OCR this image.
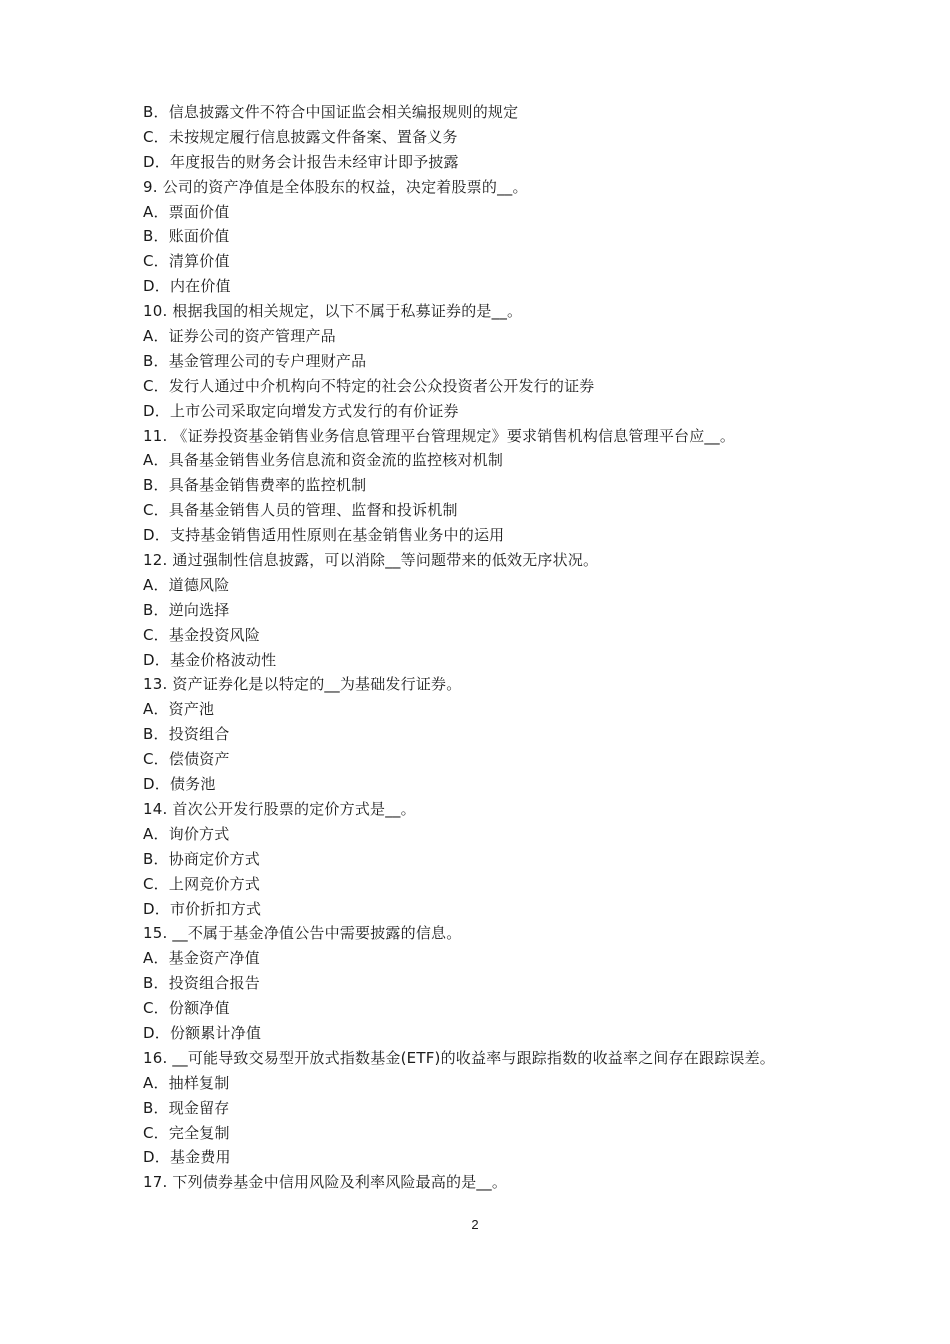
B．信息披露文件不符合中国证监会相关编报规则的规定
C．未按规定履行信息披露文件备案、置备义务
D．年度报告的财务会计报告未经审计即予披露
9. 公司的资产净值是全体股东的权益，决定着股票的__。
A．票面价值
B．账面价值
C．清算价值
D．内在价值
10. 根据我国的相关规定，以下不属于私募证券的是__。
A．证券公司的资产管理产品
B．基金管理公司的专户理财产品
C．发行人通过中介机构向不特定的社会公众投资者公开发行的证券
D．上市公司采取定向增发方式发行的有价证券
11. 《证券投资基金销售业务信息管理平台管理规定》要求销售机构信息管理平台应__。
A．具备基金销售业务信息流和资金流的监控核对机制
B．具备基金销售费率的监控机制
C．具备基金销售人员的管理、监督和投诉机制
D．支持基金销售适用性原则在基金销售业务中的运用
12. 通过强制性信息披露，可以消除__等问题带来的低效无序状况。
A．道德风险
B．逆向选择
C．基金投资风险
D．基金价格波动性
13. 资产证券化是以特定的__为基础发行证券。
A．资产池
B．投资组合
C．偿债资产
D．债务池
14. 首次公开发行股票的定价方式是__。
A．询价方式
B．协商定价方式
C．上网竞价方式
D．市价折扣方式
15. __不属于基金净值公告中需要披露的信息。
A．基金资产净值
B．投资组合报告
C．份额净值
D．份额累计净值
16. __可能导致交易型开放式指数基金(ETF)的收益率与跟踪指数的收益率之间存在跟踪误差。
A．抽样复制
B．现金留存
C．完全复制
D．基金费用
17. 下列债券基金中信用风险及利率风险最高的是__。
2
